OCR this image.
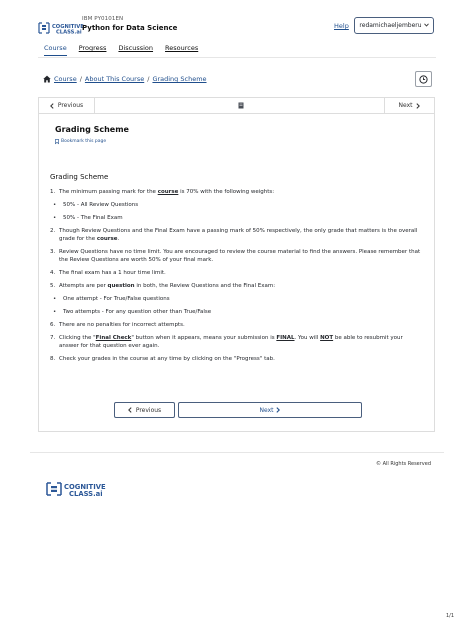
COGNITIVE
CLASS.ai
IBM PY0101EN
Python for Data Science	Help redamichaeljemberu
Course Progress Discussion Resources
Course / About This Course / Grading Scheme
Previous	Next
Grading Scheme
Bookmark this page
Grading Scheme
1. The minimum passing mark for the course is 70% with the following weights:
• 50% - All Review Questions
• 50% - The Final Exam
2. Though Review Questions and the Final Exam have a passing mark of 50% respectively, the only grade that matters is the overall grade for the course.
3. Review Questions have no time limit. You are encouraged to review the course material to find the answers. Please remember that the Review Questions are worth 50% of your final mark.
4. The final exam has a 1 hour time limit.
5. Attempts are per question in both, the Review Questions and the Final Exam:
• One attempt - For True/False questions
• Two attempts - For any question other than True/False
6. There are no penalties for incorrect attempts.
7. Clicking the "Final Check" button when it appears, means your submission is FINAL. You will NOT be able to resubmit your answer for that question ever again.
8. Check your grades in the course at any time by clicking on the "Progress" tab.
Previous	Next
© All Rights Reserved
COGNITIVE
CLASS.ai
1/1
